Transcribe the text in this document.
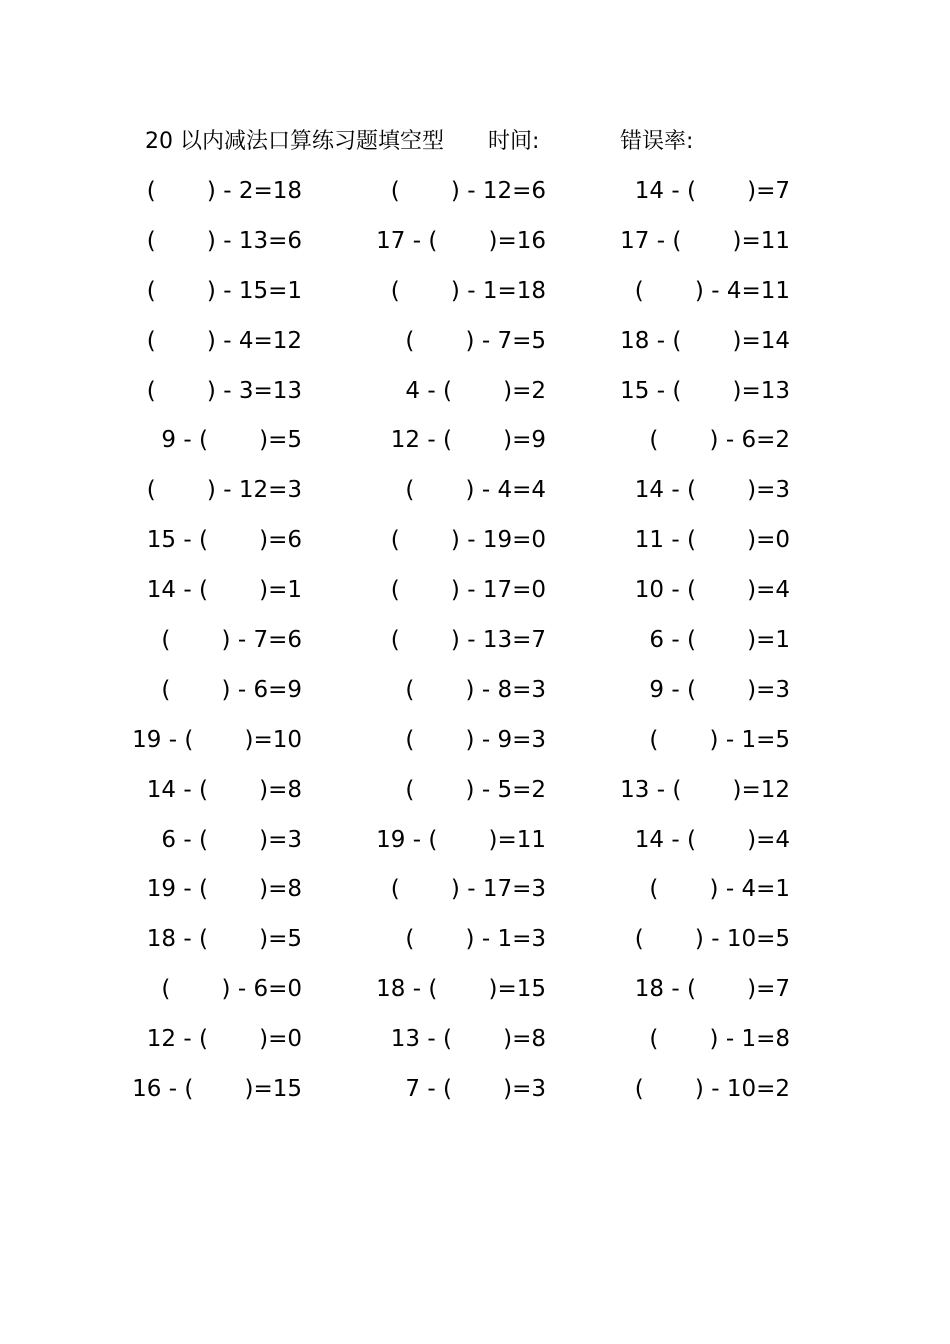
20 以内减法口算练习题填空型 时间:	错误率:
(       ) - 2=18	(       ) - 12=6	14 - (       )=7
(       ) - 13=6	17 - (       )=16	17 - (       )=11
(       ) - 15=1	(       ) - 1=18	(       ) - 4=11
(       ) - 4=12	(       ) - 7=5	18 - (       )=14
(       ) - 3=13	4 - (       )=2	15 - (       )=13
9 - (       )=5	12 - (       )=9	(       ) - 6=2
(       ) - 12=3	(       ) - 4=4	14 - (       )=3
15 - (       )=6	(       ) - 19=0	11 - (       )=0
14 - (       )=1	(       ) - 17=0	10 - (       )=4
(       ) - 7=6	(       ) - 13=7	6 - (       )=1
(       ) - 6=9	(       ) - 8=3	9 - (       )=3
19 - (       )=10	(       ) - 9=3	(       ) - 1=5
14 - (       )=8	(       ) - 5=2	13 - (       )=12
6 - (       )=3	19 - (       )=11	14 - (       )=4
19 - (       )=8	(       ) - 17=3	(       ) - 4=1
18 - (       )=5	(       ) - 1=3	(       ) - 10=5
(       ) - 6=0	18 - (       )=15	18 - (       )=7
12 - (       )=0	13 - (       )=8	(       ) - 1=8
16 - (       )=15	7 - (       )=3	(       ) - 10=2
